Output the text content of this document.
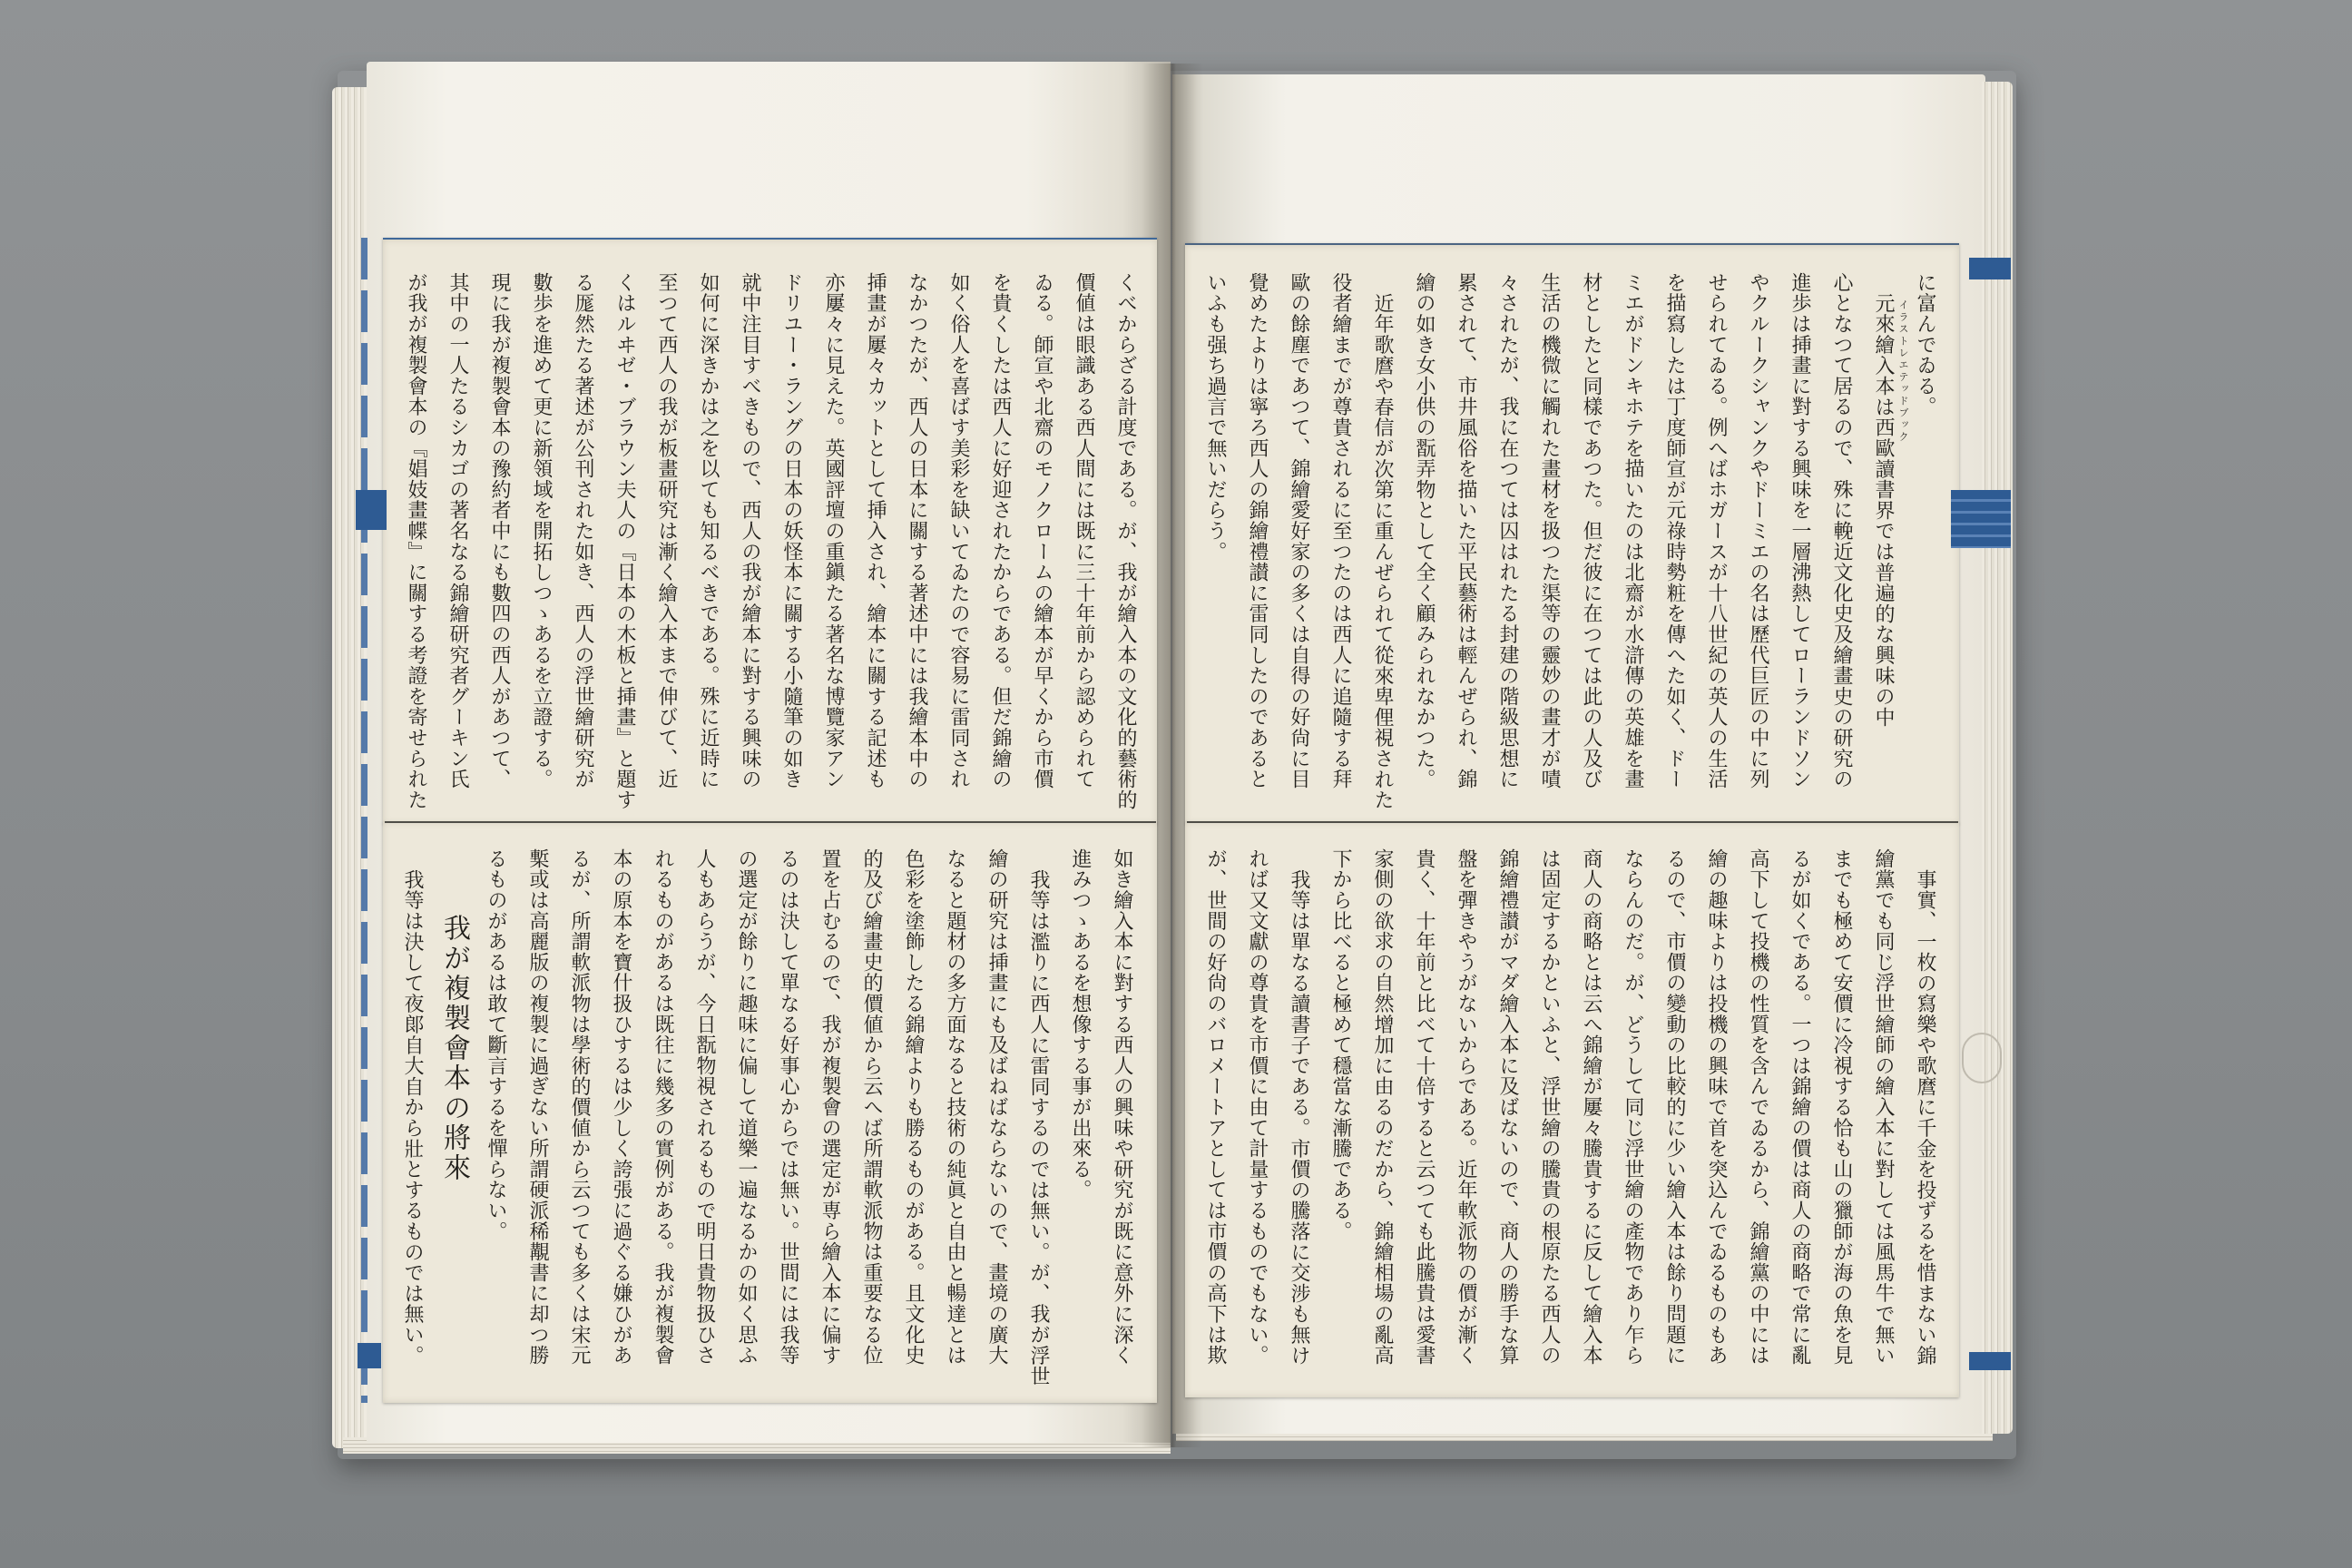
くべからざる計度である。が、我が繪入本の文化的藝術的
價値は眼識ある西人間には既に三十年前から認められて
ゐる。師宣や北齋のモノクロームの繪本が早くから市價
を貴くしたは西人に好迎されたからである。但だ錦繪の
如く俗人を喜ばす美彩を缺いてゐたので容易に雷同され
なかつたが、西人の日本に關する著述中には我繪本中の
挿畫が屢々カットとして挿入され、繪本に關する記述も
亦屢々に見えた。英國評壇の重鎭たる著名な博覽家アン
ドリユー・ラングの日本の妖怪本に關する小隨筆の如き
就中注目すべきもので、西人の我が繪本に對する興味の
如何に深きかは之を以ても知るべきである。殊に近時に
至つて西人の我が板畫研究は漸く繪入本まで伸びて、近
くはルヰゼ・ブラウン夫人の『日本の木板と挿畫』と題す
る厖然たる著述が公刊された如き、西人の浮世繪研究が
數歩を進めて更に新領域を開拓しつゝあるを立證する。
現に我が複製會本の豫約者中にも數四の西人があつて、
其中の一人たるシカゴの著名なる錦繪研究者グーキン氏
が我が複製會本の『娼妓畫幉』に關する考證を寄せられた
如き繪入本に對する西人の興味や研究が既に意外に深く
進みつゝあるを想像する事が出來る。
我等は濫りに西人に雷同するのでは無い。が、我が浮世
繪の研究は挿畫にも及ばねばならないので、畫境の廣大
なると題材の多方面なると技術の純眞と自由と暢達とは
色彩を塗飾したる錦繪よりも勝るものがある。且文化史
的及び繪畫史的價値から云へば所謂軟派物は重要なる位
置を占むるので、我が複製會の選定が専ら繪入本に偏す
るのは決して單なる好事心からでは無い。世間には我等
の選定が餘りに趣味に偏して道樂一遍なるかの如く思ふ
人もあらうが、今日翫物視されるもので明日貴物扱ひさ
れるものがあるは既往に幾多の實例がある。我が複製會
本の原本を寶什扱ひするは少しく誇張に過ぐる嫌ひがあ
るが、所謂軟派物は學術的價値から云つても多くは宋元
槧或は高麗版の複製に過ぎない所謂硬派稀覯書に却つ勝
るものがあるは敢て斷言するを憚らない。
我が複製會本の將來
我等は決して夜郞自大自から壯とするものでは無い。
に富んでゐる。
元來繪入本は西歐讀書界では普遍的な興味の中
心となつて居るので、殊に輓近文化史及繪畫史の研究の
進歩は挿畫に對する興味を一層沸熱してローランドソン
やクルークシャンクやドーミエの名は歷代巨匠の中に列
せられてゐる。例へばホガースが十八世紀の英人の生活
を描寫したは丁度師宣が元祿時勢粧を傳へた如く、ドー
ミエがドンキホテを描いたのは北齋が水滸傳の英雄を畫
材としたと同樣であつた。但だ彼に在つては此の人及び
生活の機微に觸れた畫材を扱つた渠等の靈妙の畫才が嘖
々されたが、我に在つては囚はれたる封建の階級思想に
累されて、市井風俗を描いた平民藝術は輕んぜられ、錦
繪の如き女小供の翫弄物として全く顧みられなかつた。
近年歌麿や春信が次第に重んぜられて從來卑俚視された
役者繪までが尊貴されるに至つたのは西人に追隨する拜
歐の餘塵であつて、錦繪愛好家の多くは自得の好尙に目
覺めたよりは寧ろ西人の錦繪禮讃に雷同したのであると
いふも强ち過言で無いだらう。
事實、一枚の寫樂や歌麿に千金を投ずるを惜まない錦
繪黨でも同じ浮世繪師の繪入本に對しては風馬牛で無い
までも極めて安價に冷視する恰も山の獵師が海の魚を見
るが如くである。一つは錦繪の價は商人の商略で常に亂
高下して投機の性質を含んでゐるから、錦繪黨の中には
繪の趣味よりは投機の興味で首を突込んでゐるものもあ
るので、市價の變動の比較的に少い繪入本は餘り問題に
ならんのだ。が、どうして同じ浮世繪の產物であり乍ら
商人の商略とは云へ錦繪が屢々騰貴するに反して繪入本
は固定するかといふと、浮世繪の騰貴の根原たる西人の
錦繪禮讃がマダ繪入本に及ばないので、商人の勝手な算
盤を彈きやうがないからである。近年軟派物の價が漸く
貴く、十年前と比べて十倍すると云つても此騰貴は愛書
家側の欲求の自然增加に由るのだから、錦繪相場の亂高
下から比べると極めて穩當な漸騰である。
我等は單なる讀書子である。市價の騰落に交涉も無け
れば又文獻の尊貴を市價に由て計量するものでもない。
が、世間の好尙のバロメートアとしては市價の高下は欺
イラストレエテッドブック
